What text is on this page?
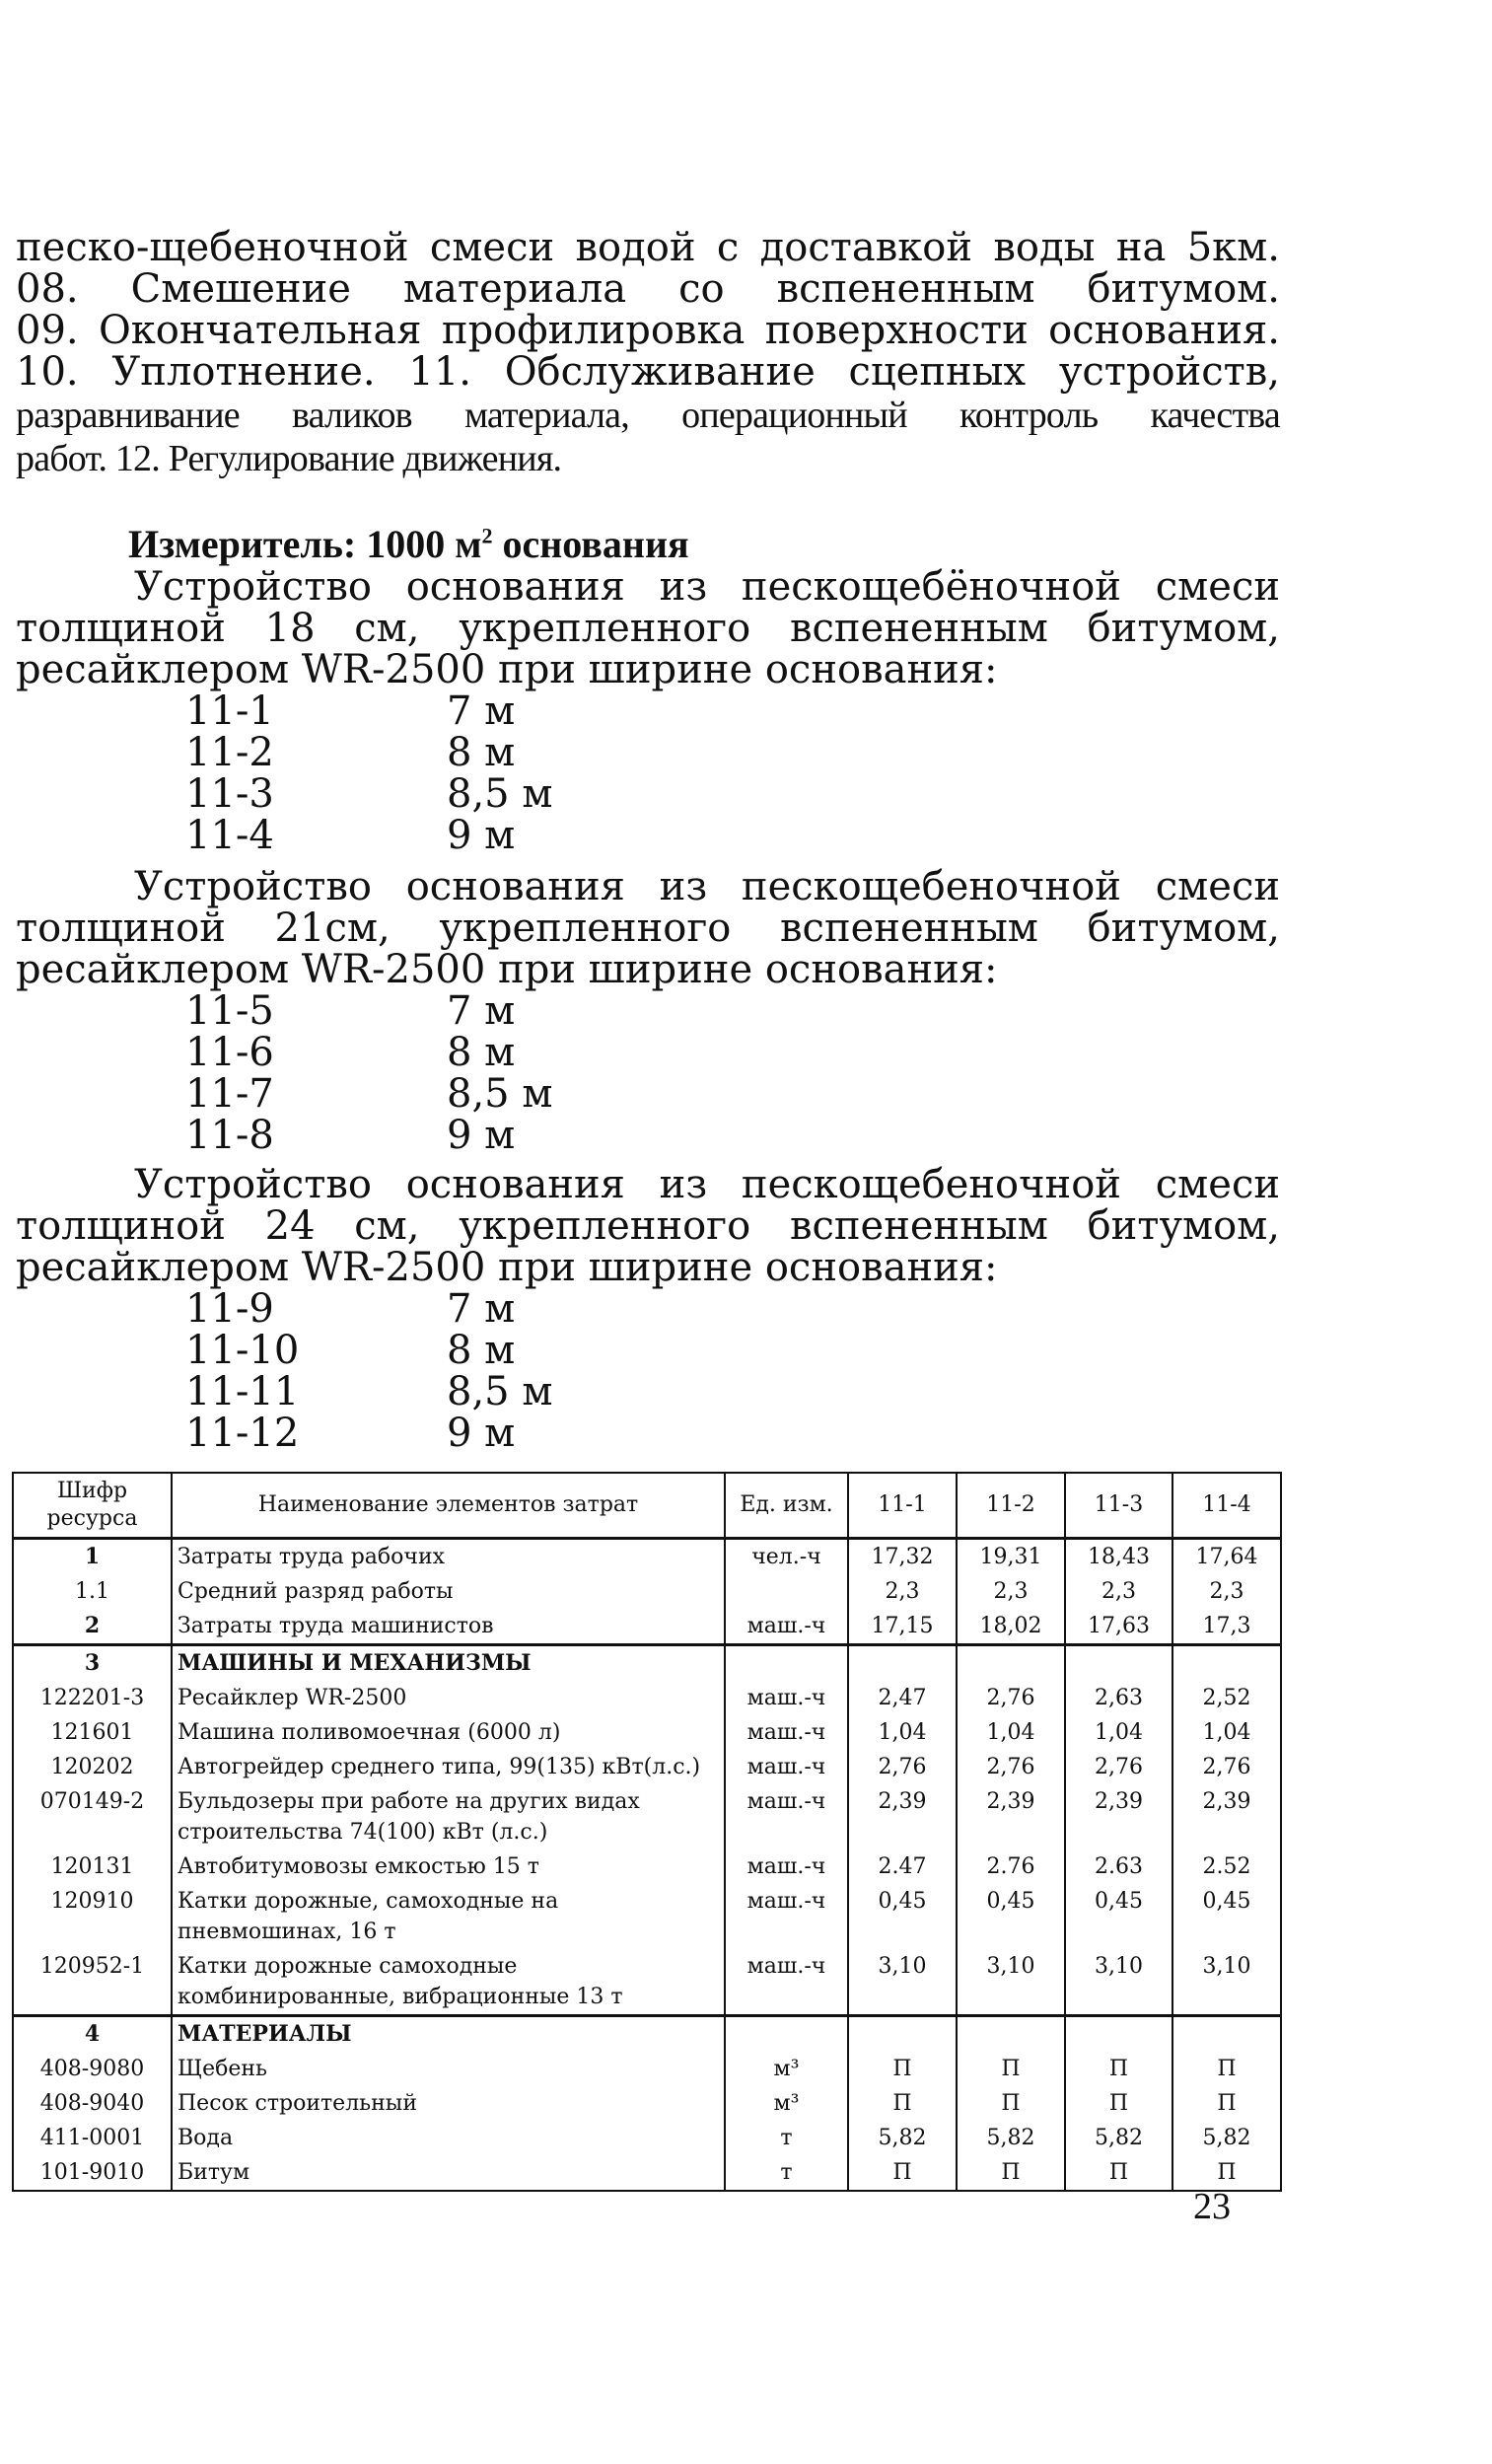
песко-щебеночной смеси водой с доставкой воды на 5км.
08. Смешение материала со вспененным битумом.
09. Окончательная профилировка поверхности основания.
10. Уплотнение. 11. Обслуживание сцепных устройств,
разравнивание валиков материала, операционный контроль качества
работ. 12. Регулирование движения.
Измеритель: 1000 $м^2$ основания
Устройство основания из пескощебёночной смеси
толщиной 18 см, укрепленного вспененным битумом,
ресайклером WR-2500 при ширине основания:
11-1	7 м
11-2	8 м
11-3	8,5 м
11-4	9 м
Устройство основания из пескощебеночной смеси
толщиной 21см, укрепленного вспененным битумом,
ресайклером WR-2500 при ширине основания:
11-5	7 м
11-6	8 м
11-7	8,5 м
11-8	9 м
Устройство основания из пескощебеночной смеси
толщиной 24 см, укрепленного вспененным битумом,
ресайклером WR-2500 при ширине основания:
11-9	7 м
11-10	8 м
11-11	8,5 м
11-12	9 м
Шифр ресурса	Наименование элементов затрат	Ед. изм.	11-1	11-2	11-3	11-4
1	Затраты труда рабочих	чел.-ч	17,32	19,31	18,43	17,64
1.1	Средний разряд работы		2,3	2,3	2,3	2,3
2	Затраты труда машинистов	маш.-ч	17,15	18,02	17,63	17,3
3	МАШИНЫ И МЕХАНИЗМЫ					
122201-3	Ресайклер WR-2500	маш.-ч	2,47	2,76	2,63	2,52
121601	Машина поливомоечная (6000 л)	маш.-ч	1,04	1,04	1,04	1,04
120202	Автогрейдер среднего типа, 99(135) кВт(л.с.)	маш.-ч	2,76	2,76	2,76	2,76
070149-2	Бульдозеры при работе на других видах строительства 74(100) кВт (л.с.)	маш.-ч	2,39	2,39	2,39	2,39
120131	Автобитумовозы емкостью 15 т	маш.-ч	2.47	2.76	2.63	2.52
120910	Катки дорожные, самоходные на пневмошинах, 16 т	маш.-ч	0,45	0,45	0,45	0,45
120952-1	Катки дорожные самоходные комбинированные, вибрационные 13 т	маш.-ч	3,10	3,10	3,10	3,10
4	МАТЕРИАЛЫ					
408-9080	Щебень	м³	П	П	П	П
408-9040	Песок строительный	м³	П	П	П	П
411-0001	Вода	т	5,82	5,82	5,82	5,82
101-9010	Битум	т	П	П	П	П
23
